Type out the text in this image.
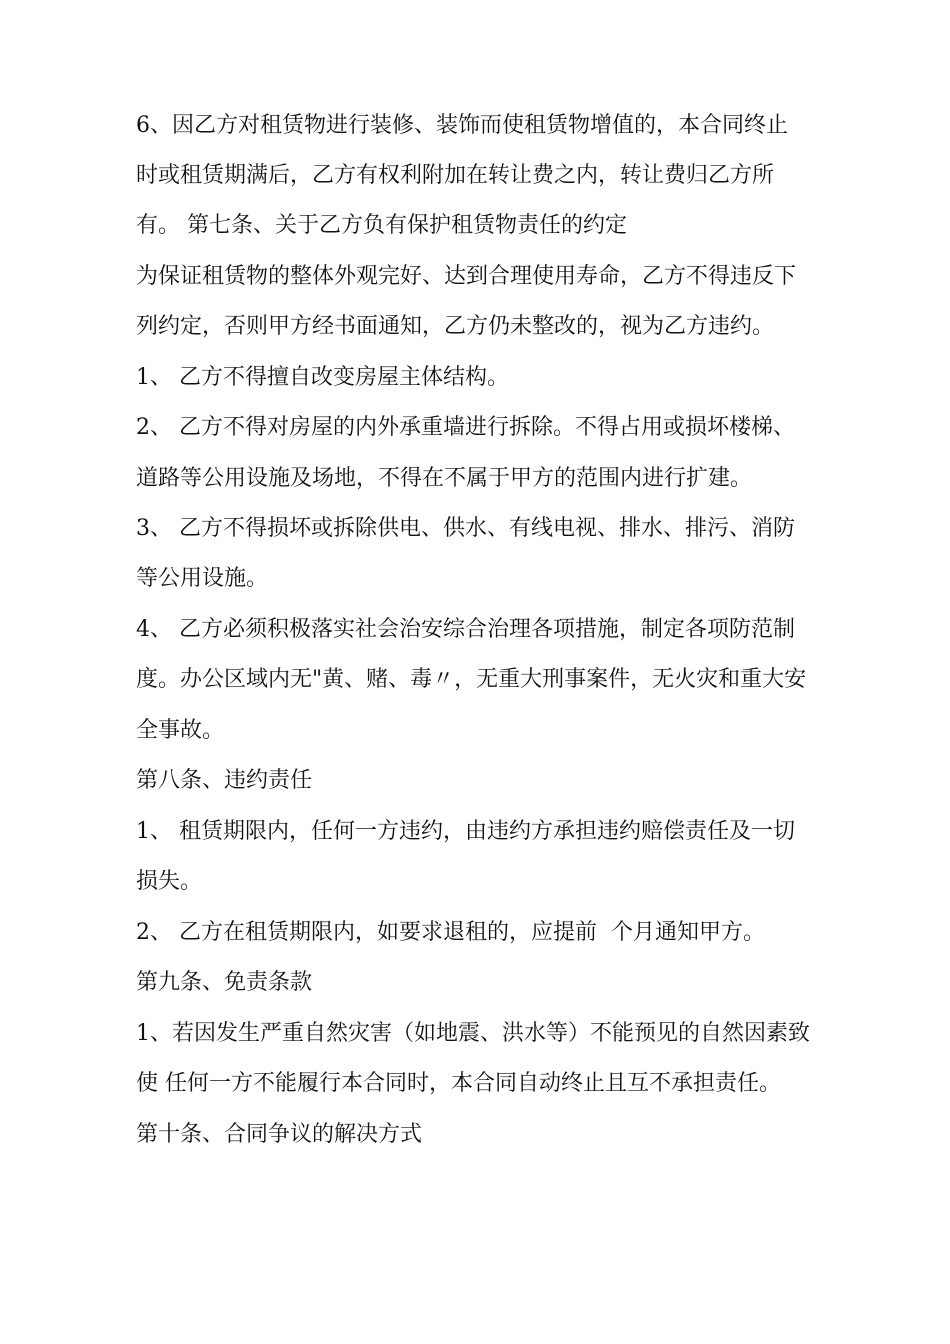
6、因乙方对租赁物进行装修、装饰而使租赁物增值的，本合同终止
时或租赁期满后，乙方有权利附加在转让费之内，转让费归乙方所
有。 第七条、关于乙方负有保护租赁物责任的约定
为保证租赁物的整体外观完好、达到合理使用寿命，乙方不得违反下
列约定，否则甲方经书面通知，乙方仍未整改的，视为乙方违约。
1、 乙方不得擅自改变房屋主体结构。
2、 乙方不得对房屋的内外承重墙进行拆除。不得占用或损坏楼梯、
道路等公用设施及场地，不得在不属于甲方的范围内进行扩建。
3、 乙方不得损坏或拆除供电、供水、有线电视、排水、排污、消防
等公用设施。
4、 乙方必须积极落实社会治安综合治理各项措施，制定各项防范制
度。办公区域内无"黄、赌、毒〃，无重大刑事案件，无火灾和重大安
全事故。
第八条、违约责任
1、 租赁期限内，任何一方违约，由违约方承担违约赔偿责任及一切
损失。
2、 乙方在租赁期限内，如要求退租的，应提前  个月通知甲方。
第九条、免责条款
1、若因发生严重自然灾害（如地震、洪水等）不能预见的自然因素致
使 任何一方不能履行本合同时，本合同自动终止且互不承担责任。
第十条、合同争议的解决方式
